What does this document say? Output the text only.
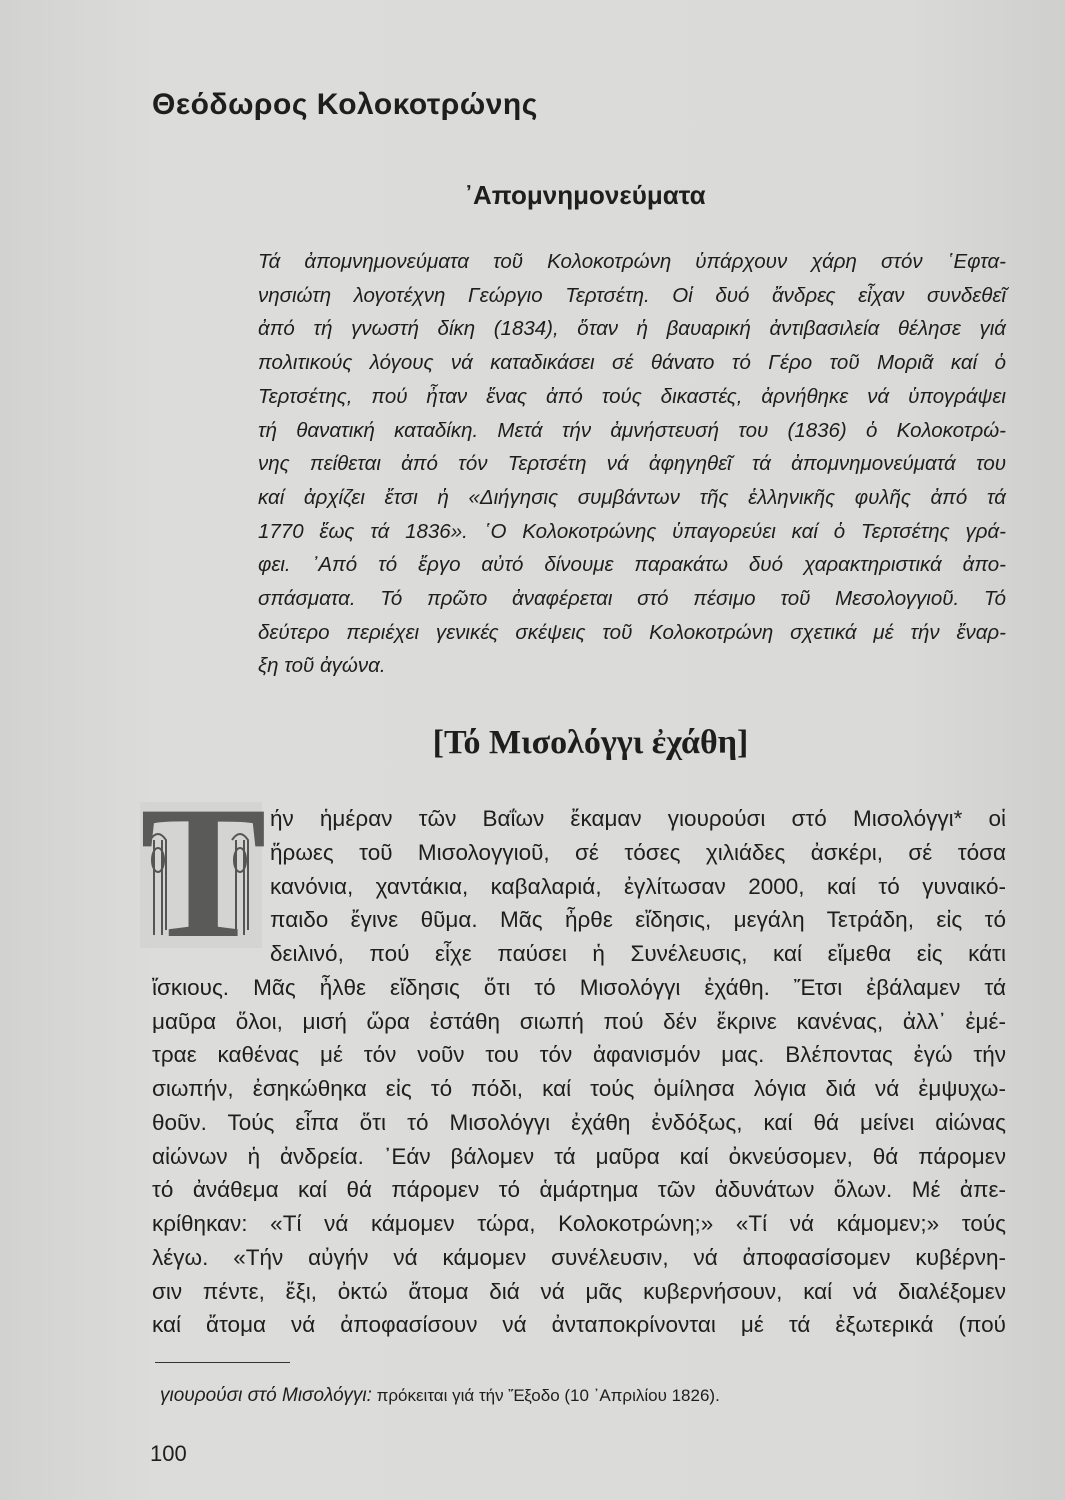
Θεόδωρος Κολοκοτρώνης
᾿Απομνημονεύματα
Τά ἀπομνημονεύματα τοῦ Κολοκοτρώνη ὑπάρχουν χάρη στόν ῾Εφτα-
νησιώτη λογοτέχνη Γεώργιο Τερτσέτη. Οἱ δυό ἄνδρες εἶχαν συνδεθεῖ
ἀπό τή γνωστή δίκη (1834), ὅταν ἡ βαυαρική ἀντιβασιλεία θέλησε γιά
πολιτικούς λόγους νά καταδικάσει σέ θάνατο τό Γέρο τοῦ Μοριᾶ καί ὁ
Τερτσέτης, πού ἦταν ἕνας ἀπό τούς δικαστές, ἀρνήθηκε νά ὑπογράψει
τή θανατική καταδίκη. Μετά τήν ἀμνήστευσή του (1836) ὁ Κολοκοτρώ-
νης πείθεται ἀπό τόν Τερτσέτη νά ἀφηγηθεῖ τά ἀπομνημονεύματά του
καί ἀρχίζει ἔτσι ἡ «Διήγησις συμβάντων τῆς ἑλληνικῆς φυλῆς ἀπό τά
1770 ἕως τά 1836». ῾Ο Κολοκοτρώνης ὑπαγορεύει καί ὁ Τερτσέτης γρά-
φει. ᾿Από τό ἔργο αὐτό δίνουμε παρακάτω δυό χαρακτηριστικά ἀπο-
σπάσματα. Τό πρῶτο ἀναφέρεται στό πέσιμο τοῦ Μεσολογγιοῦ. Τό
δεύτερο περιέχει γενικές σκέψεις τοῦ Κολοκοτρώνη σχετικά μέ τήν ἔναρ-
ξη τοῦ ἀγώνα.
[Τό Μισολόγγι ἐχάθη]
T ήν ἡμέραν τῶν Βαΐων ἔκαμαν γιουρούσι στό Μισολόγγι* οἱ
ἥρωες τοῦ Μισολογγιοῦ, σέ τόσες χιλιάδες ἀσκέρι, σέ τόσα
κανόνια, χαντάκια, καβαλαριά, ἐγλίτωσαν 2000, καί τό γυναικό-
παιδο ἔγινε θῦμα. Μᾶς ἦρθε εἴδησις, μεγάλη Τετράδη, εἰς τό
δειλινό, πού εἶχε παύσει ἡ Συνέλευσις, καί εἴμεθα εἰς κάτι
ἴσκιους. Μᾶς ἦλθε εἴδησις ὅτι τό Μισολόγγι ἐχάθη. Ἔτσι ἐβάλαμεν τά
μαῦρα ὅλοι, μισή ὥρα ἐστάθη σιωπή πού δέν ἔκρινε κανένας, ἀλλ᾿ ἐμέ-
τραε καθένας μέ τόν νοῦν του τόν ἀφανισμόν μας. Βλέποντας ἐγώ τήν
σιωπήν, ἐσηκώθηκα εἰς τό πόδι, καί τούς ὁμίλησα λόγια διά νά ἐμψυχω-
θοῦν. Τούς εἶπα ὅτι τό Μισολόγγι ἐχάθη ἐνδόξως, καί θά μείνει αἰώνας
αἰώνων ἡ ἀνδρεία. ᾿Εάν βάλομεν τά μαῦρα καί ὀκνεύσομεν, θά πάρομεν
τό ἀνάθεμα καί θά πάρομεν τό ἁμάρτημα τῶν ἀδυνάτων ὅλων. Μέ ἀπε-
κρίθηκαν: «Τί νά κάμομεν τώρα, Κολοκοτρώνη;» «Τί νά κάμομεν;» τούς
λέγω. «Τήν αὐγήν νά κάμομεν συνέλευσιν, νά ἀποφασίσομεν κυβέρνη-
σιν πέντε, ἔξι, ὀκτώ ἄτομα διά νά μᾶς κυβερνήσουν, καί νά διαλέξομεν
καί ἄτομα νά ἀποφασίσουν νά ἀνταποκρίνονται μέ τά ἐξωτερικά (πού
γιουρούσι στό Μισολόγγι: πρόκειται γιά τήν Ἔξοδο (10 ᾿Απριλίου 1826).
100
